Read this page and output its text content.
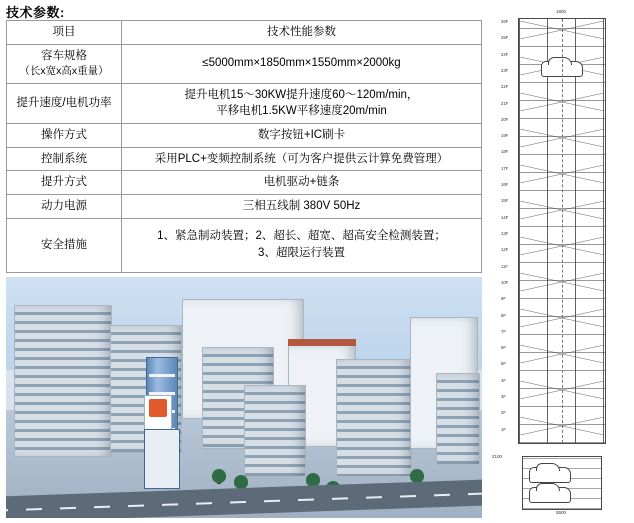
技术参数:
项目	技术性能参数
容车规格
（长x宽x高x重量）	≤5000mm×1850mm×1550mm×2000kg
提升速度/电机功率	提升电机15～30KW提升速度60～120m/min，
平移电机1.5KW平移速度20m/min

操作方式	数字按钮+IC刷卡
控制系统	采用PLC+变频控制系统（可为客户提供云计算免费管理）
提升方式	电机驱动+链条
动力电源	三相五线制 380V 50Hz
安全措施	1、紧急制动装置；2、超长、超宽、超高安全检测装置；
3、超限运行装置
1800
26F
25F
24F
23F
22F
21F
20F
19F
18F
17F
16F
15F
14F
13F
12F
11F
10F
9F
8F
7F
6F
5F
4F
3F
2F
1F
2100
5500
